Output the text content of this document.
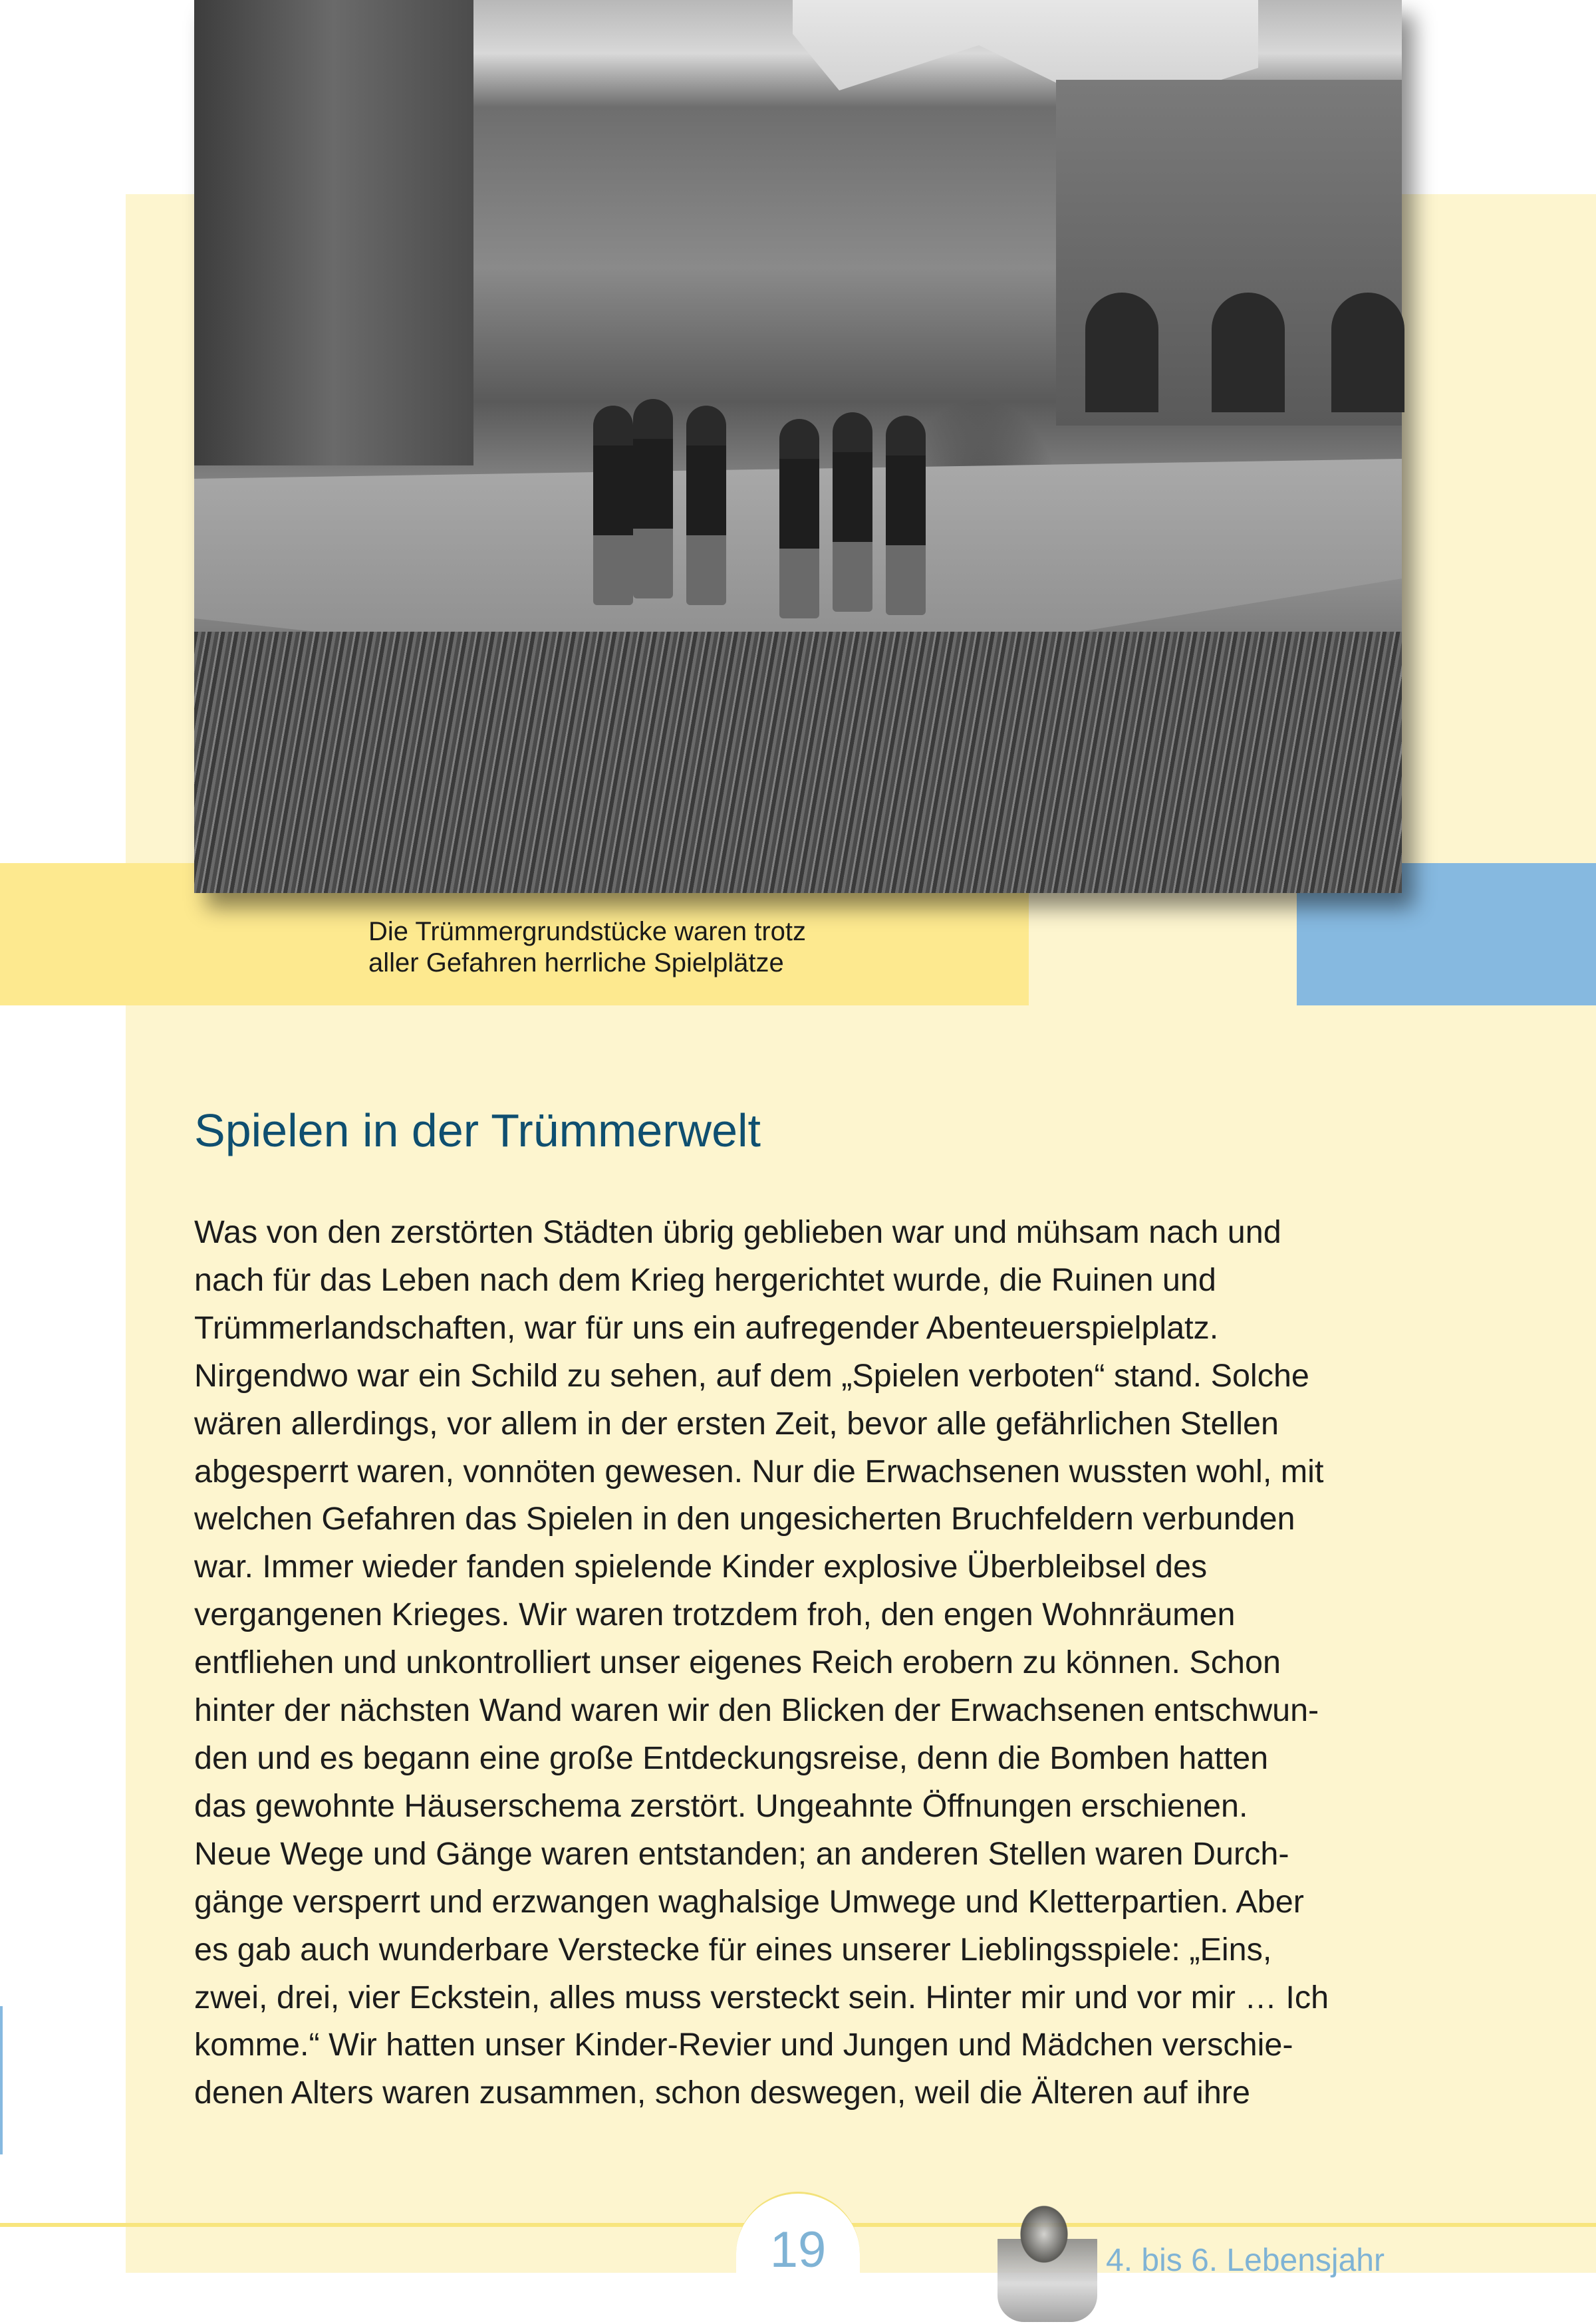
Die Trümmergrundstücke waren trotz
aller Gefahren herrliche Spielplätze
Spielen in der Trümmerwelt
Was von den zerstörten Städten übrig geblieben war und mühsam nach und
nach für das Leben nach dem Krieg hergerichtet wurde, die Ruinen und
Trümmerlandschaften, war für uns ein aufregender Abenteuerspielplatz.
Nirgendwo war ein Schild zu sehen, auf dem „Spielen verboten“ stand. Solche
wären allerdings, vor allem in der ersten Zeit, bevor alle gefährlichen Stellen
abgesperrt waren, vonnöten gewesen. Nur die Erwachsenen wussten wohl, mit
welchen Gefahren das Spielen in den ungesicherten Bruchfeldern verbunden
war. Immer wieder fanden spielende Kinder explosive Überbleibsel des
vergangenen Krieges. Wir waren trotzdem froh, den engen Wohnräumen
entfliehen und unkontrolliert unser eigenes Reich erobern zu können. Schon
hinter der nächsten Wand waren wir den Blicken der Erwachsenen entschwun-
den und es begann eine große Entdeckungsreise, denn die Bomben hatten
das gewohnte Häuserschema zerstört. Ungeahnte Öffnungen erschienen.
Neue Wege und Gänge waren entstanden; an anderen Stellen waren Durch-
gänge versperrt und erzwangen waghalsige Umwege und Kletterpartien. Aber
es gab auch wunderbare Verstecke für eines unserer Lieblingsspiele: „Eins,
zwei, drei, vier Eckstein, alles muss versteckt sein. Hinter mir und vor mir … Ich
komme.“ Wir hatten unser Kinder-Revier und Jungen und Mädchen verschie-
denen Alters waren zusammen, schon deswegen, weil die Älteren auf ihre
19	4. bis 6. Lebensjahr
